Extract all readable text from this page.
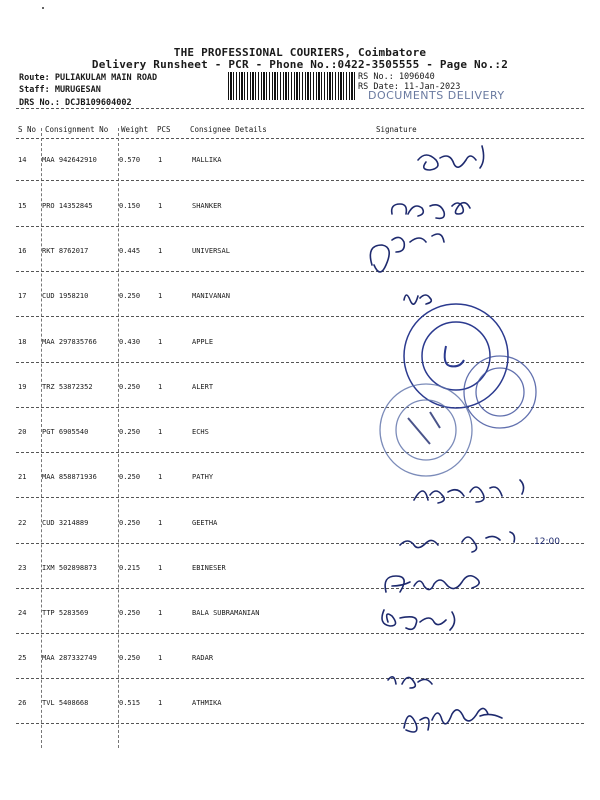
THE PROFESSIONAL COURIERS, Coimbatore
Delivery Runsheet - PCR - Phone No.:0422-3505555 - Page No.:2
Route: PULIAKULAM MAIN ROAD
Staff: MURUGESAN
DRS No.: DCJB109604002
RS No.: 1096040
RS Date: 11-Jan-2023
DOCUMENTS DELIVERY
S No Consignment No Weight PCS	Consignee Details	Signature
14 MAA 942642910	0.570	1	MALLIKA
15 PRO 14352845	0.150	1	SHANKER
16 RKT 8762017	0.445	1	UNIVERSAL
17 CUD 1958210	0.250	1	MANIVANAN
18 MAA 297835766	0.430	1	APPLE
19 TRZ 53872352	0.250	1	ALERT
20 PGT 6905540	0.250	1	ECHS
21 MAA 858871936	0.250	1	PATHY
22 CUD 3214889	0.250	1	GEETHA
23 IXM 502898873	0.215	1	EBINESER
24 TTP 5283569	0.250	1	BALA SUBRAMANIAN
25 MAA 287332749	0.250	1	RADAR
26 TVL 5408668	0.515	1	ATHMIKA
12:00
